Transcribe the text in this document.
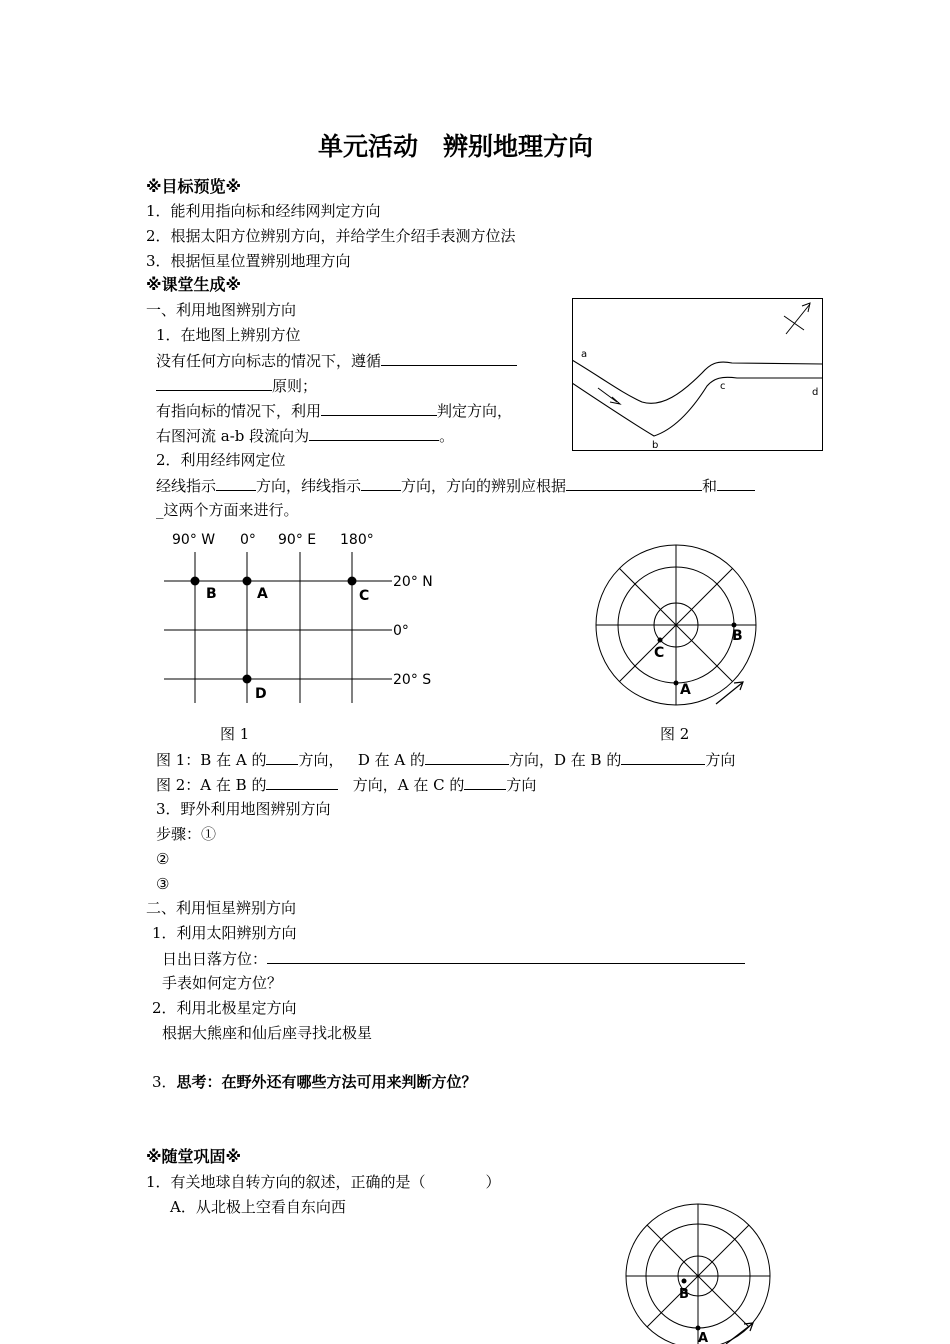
单元活动　辨别地理方向
※目标预览※
1．能利用指向标和经纬网判定方向
2．根据太阳方位辨别方向，并给学生介绍手表测方位法
3．根据恒星位置辨别地理方向
※课堂生成※
一、利用地图辨别方向
1．在地图上辨别方位
没有任何方向标志的情况下，遵循
原则；
有指向标的情况下，利用	判定方向，
右图河流 a-b 段流向为	。
a
b
c
d
2．利用经纬网定位
经线指示	方向，纬线指示	方向，方向的辨别应根据	和
_这两个方面来进行。
90° W 0° 90° E 180°
20° N
0°
20° S
B	A	C
D
B
C
A
图 1	图 2
图 1：B 在 A 的 方向， D 在 A 的	方向，D 在 B 的	方向
图 2：A 在 B 的	方向，A 在 C 的	方向
3．野外利用地图辨别方向
步骤：①
②
③
二、利用恒星辨别方向
1．利用太阳辨别方向
日出日落方位：
手表如何定方位？
2．利用北极星定方向
根据大熊座和仙后座寻找北极星
3．思考：在野外还有哪些方法可用来判断方位？
※随堂巩固※
1．有关地球自转方向的叙述，正确的是（　　　　）
A．从北极上空看自东向西
B
A
